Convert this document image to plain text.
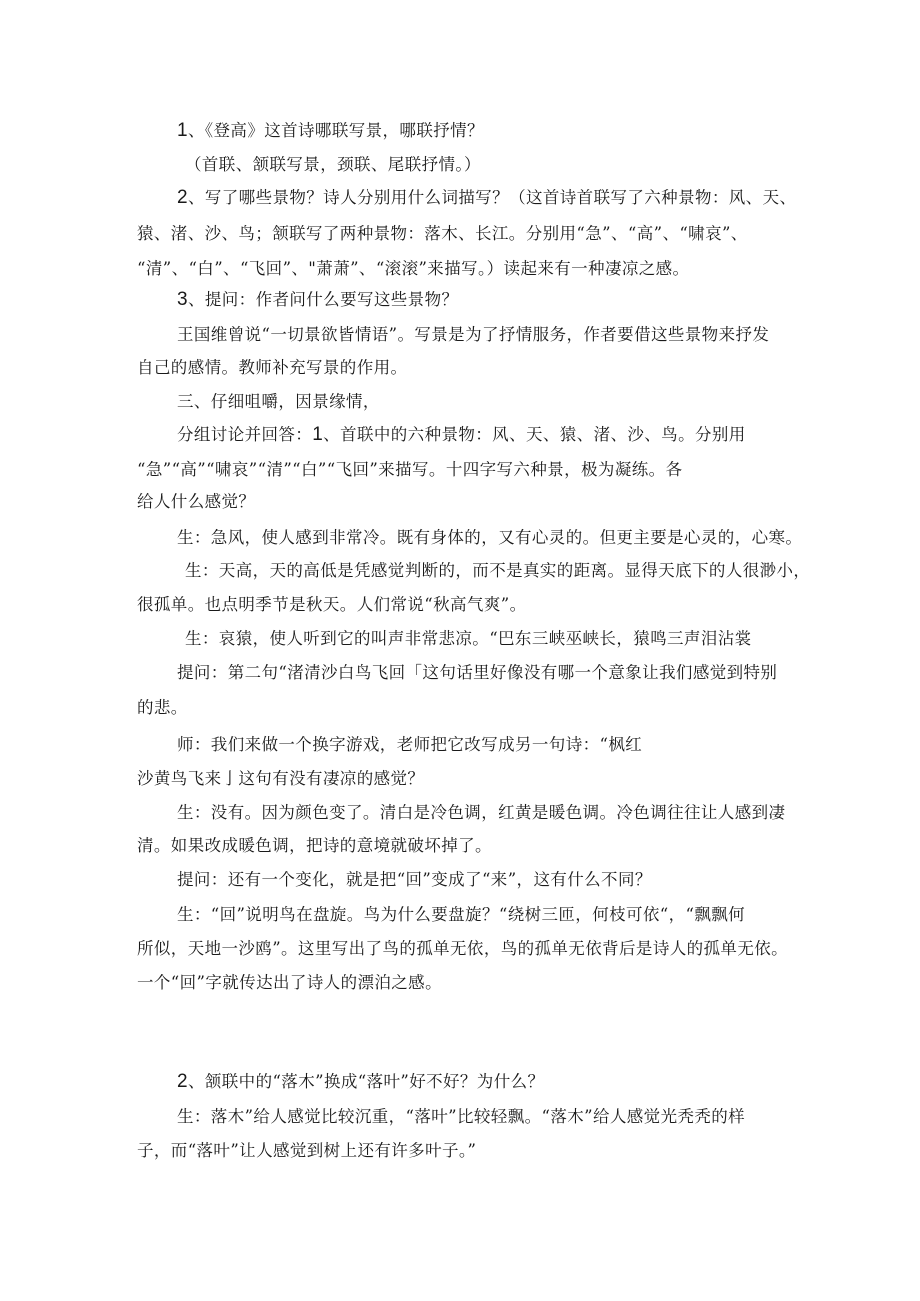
1、《登高》这首诗哪联写景，哪联抒情？
（首联、颔联写景，颈联、尾联抒情。）
2、写了哪些景物？诗人分别用什么词描写？（这首诗首联写了六种景物：风、天、
猿、渚、沙、鸟；颔联写了两种景物：落木、长江。分别用“急”、“高”、“啸哀”、
“清”、“白”、“飞回”、"萧萧”、“滚滚”来描写。）读起来有一种凄凉之感。
3、提问：作者问什么要写这些景物？
王国维曾说“一切景欲皆情语”。写景是为了抒情服务，作者要借这些景物来抒发
自己的感情。教师补充写景的作用。
三、仔细咀嚼，因景缘情，
分组讨论并回答：1、首联中的六种景物：风、天、猿、渚、沙、鸟。分别用
“急”“高”“啸哀”“清”“白”“飞回”来描写。十四字写六种景，极为凝练。各
给人什么感觉？
生：急风，使人感到非常冷。既有身体的，又有心灵的。但更主要是心灵的，心寒。
生：天高，天的高低是凭感觉判断的，而不是真实的距离。显得天底下的人很渺小，
很孤单。也点明季节是秋天。人们常说“秋高气爽”。
生：哀猿，使人听到它的叫声非常悲凉。“巴东三峡巫峡长，猿鸣三声泪沾裳
提问：第二句“渚清沙白鸟飞回「这句话里好像没有哪一个意象让我们感觉到特别
的悲。
师：我们来做一个换字游戏，老师把它改写成另一句诗：“枫红
沙黄鸟飞来亅这句有没有凄凉的感觉？
生：没有。因为颜色变了。清白是冷色调，红黄是暖色调。冷色调往往让人感到凄
清。如果改成暖色调，把诗的意境就破坏掉了。
提问：还有一个变化，就是把“回”变成了“来”，这有什么不同？
生：“回”说明鸟在盘旋。鸟为什么要盘旋？“绕树三匝，何枝可依“，“飘飘何
所似，天地一沙鸥”。这里写出了鸟的孤单无依，鸟的孤单无依背后是诗人的孤单无依。
一个“回”字就传达出了诗人的漂泊之感。
2、颔联中的“落木”换成“落叶”好不好？为什么？
生：落木”给人感觉比较沉重，“落叶”比较轻飘。“落木”给人感觉光秃秃的样
子，而“落叶”让人感觉到树上还有许多叶子。”
